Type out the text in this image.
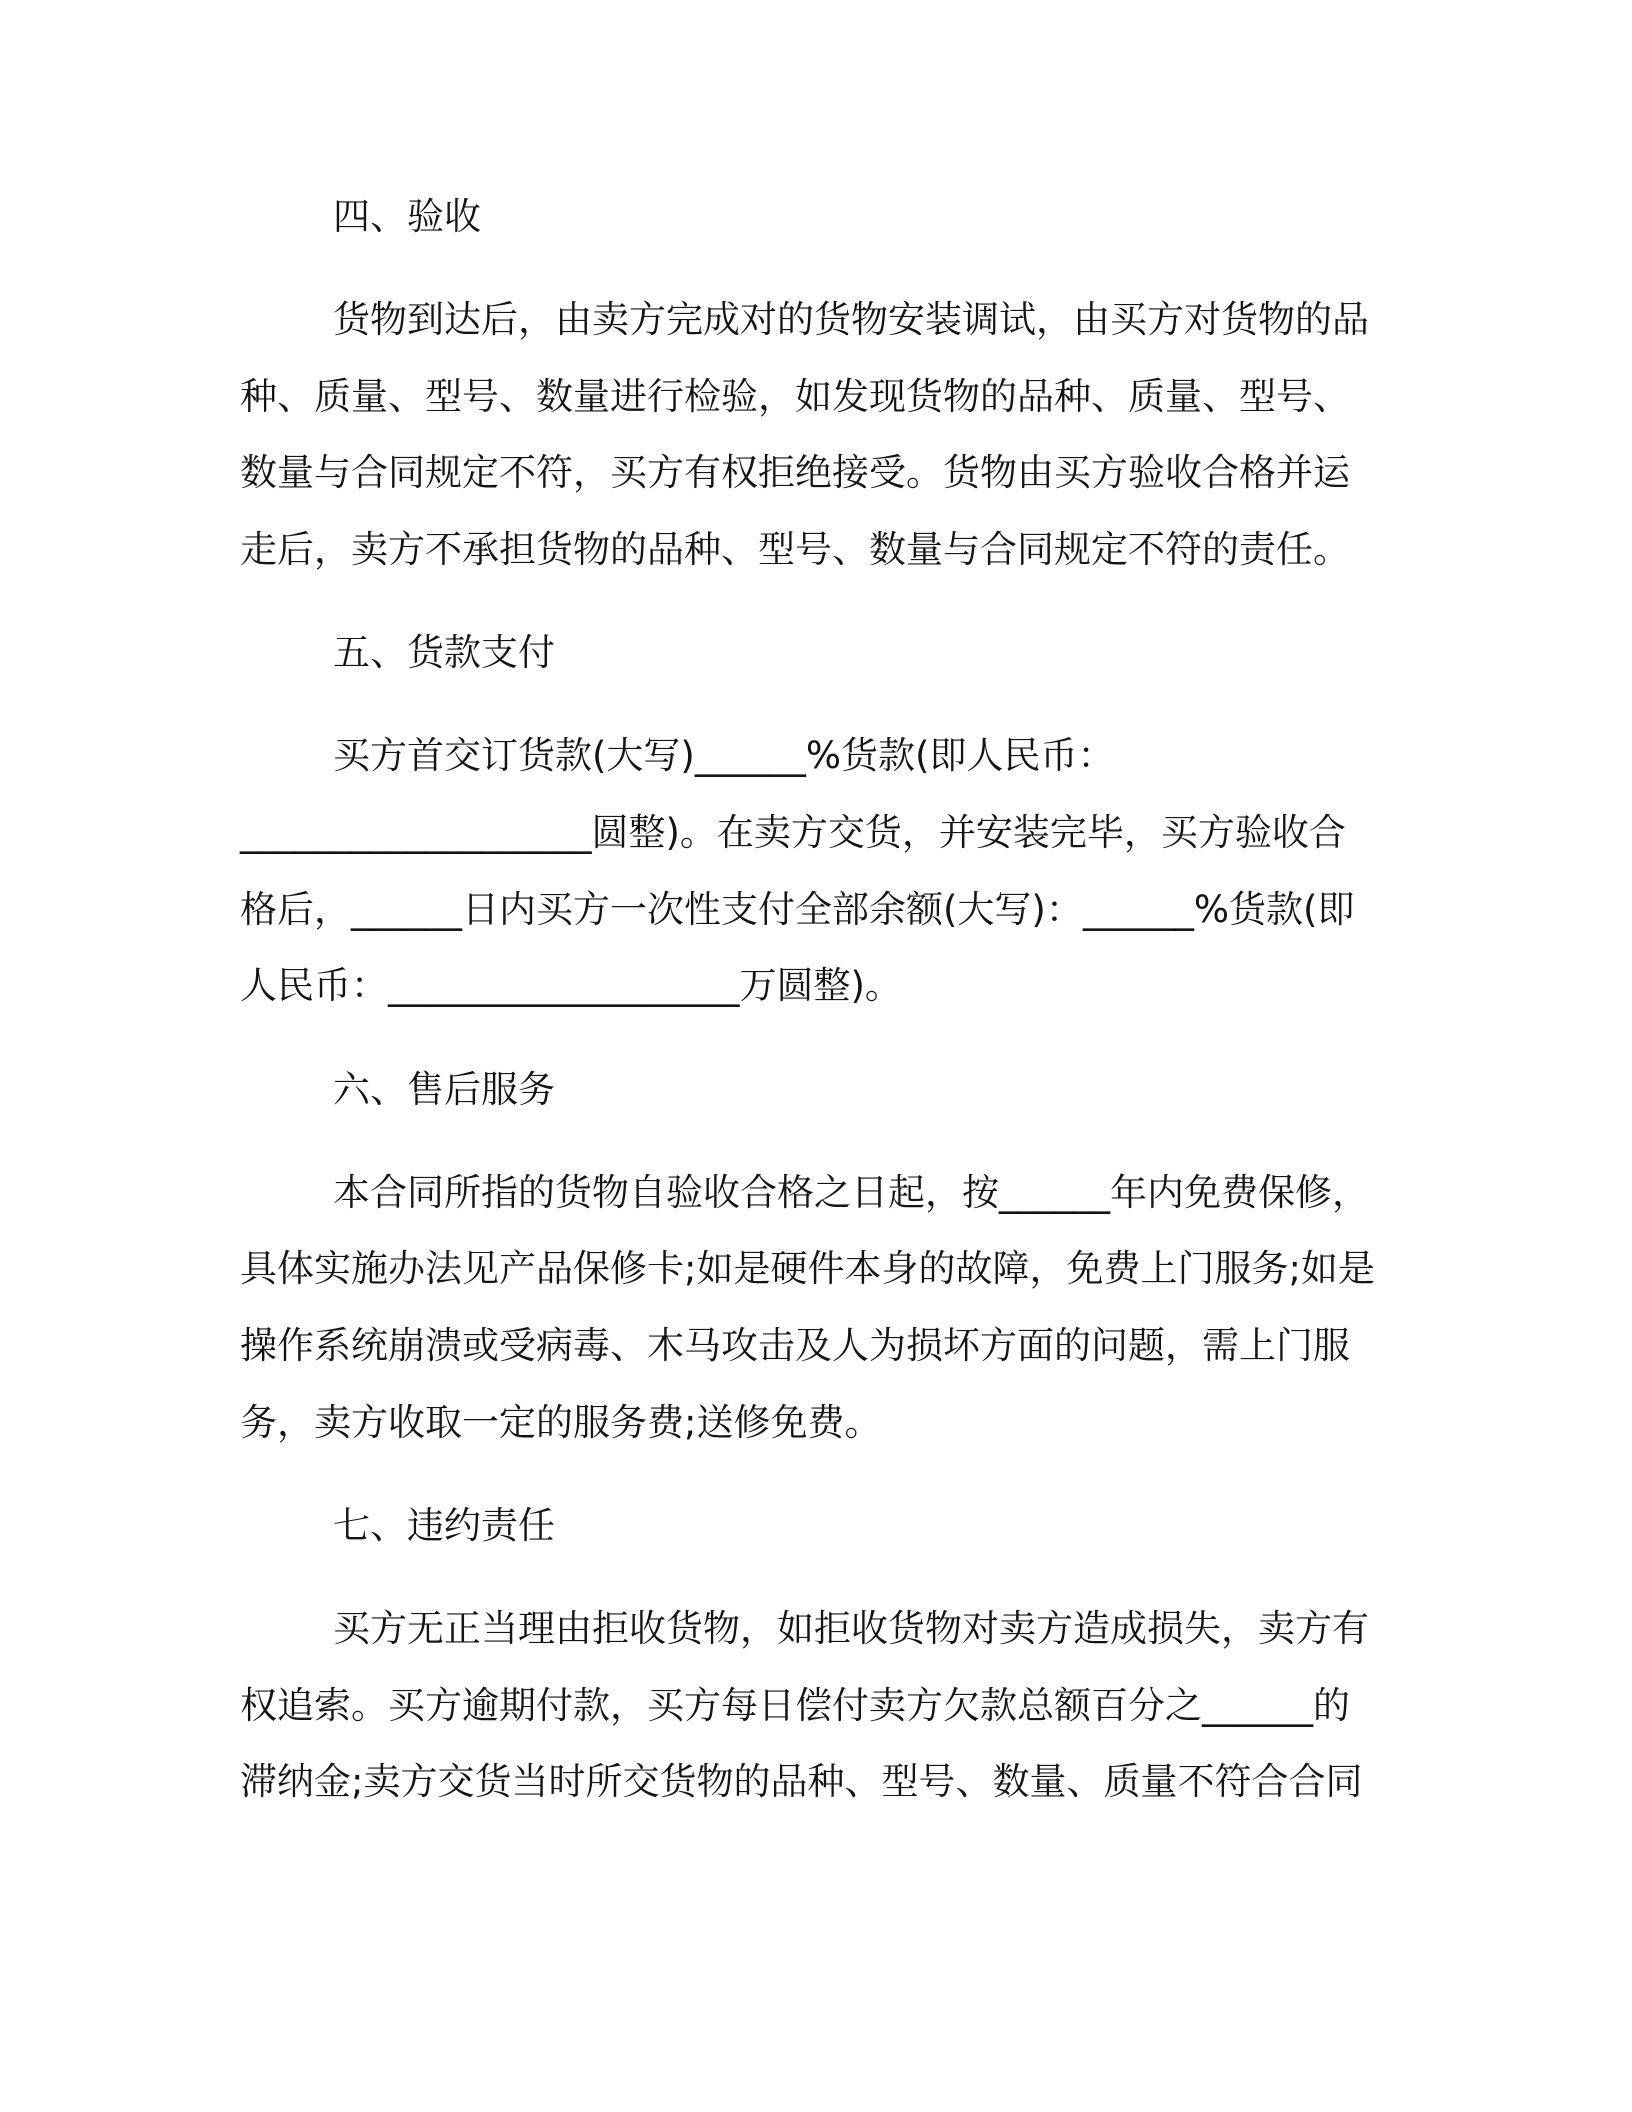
四、验收
货物到达后，由卖方完成对的货物安装调试，由买方对货物的品
种、质量、型号、数量进行检验，如发现货物的品种、质量、型号、
数量与合同规定不符，买方有权拒绝接受。货物由买方验收合格并运
走后，卖方不承担货物的品种、型号、数量与合同规定不符的责任。
五、货款支付
买方首交订货款(大写)______%货款(即人民币：
___________________圆整)。在卖方交货，并安装完毕，买方验收合
格后，______日内买方一次性支付全部余额(大写)：______%货款(即
人民币：___________________万圆整)。
六、售后服务
本合同所指的货物自验收合格之日起，按______年内免费保修，
具体实施办法见产品保修卡;如是硬件本身的故障，免费上门服务;如是
操作系统崩溃或受病毒、木马攻击及人为损坏方面的问题，需上门服
务，卖方收取一定的服务费;送修免费。
七、违约责任
买方无正当理由拒收货物，如拒收货物对卖方造成损失，卖方有
权追索。买方逾期付款，买方每日偿付卖方欠款总额百分之______的
滞纳金;卖方交货当时所交货物的品种、型号、数量、质量不符合合同
